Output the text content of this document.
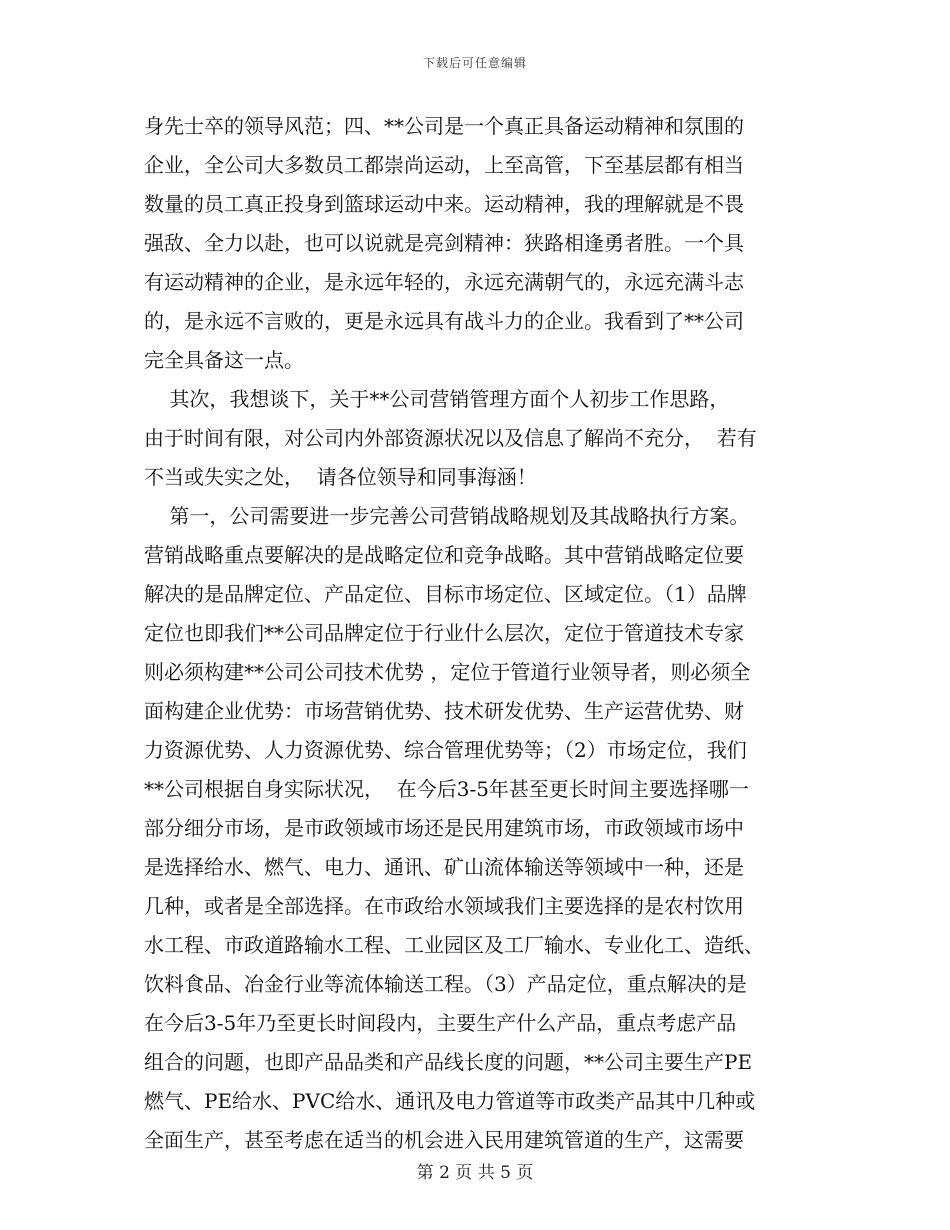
下载后可任意编辑
身先士卒的领导风范；四、**公司是一个真正具备运动精神和氛围的
企业，全公司大多数员工都崇尚运动，上至高管，下至基层都有相当
数量的员工真正投身到篮球运动中来。运动精神，我的理解就是不畏
强敌、全力以赴，也可以说就是亮剑精神：狭路相逢勇者胜。一个具
有运动精神的企业，是永远年轻的，永远充满朝气的，永远充满斗志
的，是永远不言败的，更是永远具有战斗力的企业。我看到了**公司
完全具备这一点。
其次，我想谈下，关于**公司营销管理方面个人初步工作思路，
由于时间有限，对公司内外部资源状况以及信息了解尚不充分，  若有
不当或失实之处，  请各位领导和同事海涵！
第一，公司需要进一步完善公司营销战略规划及其战略执行方案。
营销战略重点要解决的是战略定位和竞争战略。其中营销战略定位要
解决的是品牌定位、产品定位、目标市场定位、区域定位。（1）品牌
定位也即我们**公司品牌定位于行业什么层次，定位于管道技术专家
则必须构建**公司公司技术优势 ，定位于管道行业领导者，则必须全
面构建企业优势：市场营销优势、技术研发优势、生产运营优势、财
力资源优势、人力资源优势、综合管理优势等；（2）市场定位，我们
**公司根据自身实际状况，  在今后3-5年甚至更长时间主要选择哪一
部分细分市场，是市政领域市场还是民用建筑市场，市政领域市场中
是选择给水、燃气、电力、通讯、矿山流体输送等领域中一种，还是
几种，或者是全部选择。在市政给水领域我们主要选择的是农村饮用
水工程、市政道路输水工程、工业园区及工厂输水、专业化工、造纸、
饮料食品、冶金行业等流体输送工程。（3）产品定位，重点解决的是
在今后3-5年乃至更长时间段内，主要生产什么产品，重点考虑产品
组合的问题，也即产品品类和产品线长度的问题，**公司主要生产PE
燃气、PE给水、PVC给水、通讯及电力管道等市政类产品其中几种或
全面生产，甚至考虑在适当的机会进入民用建筑管道的生产，这需要
第 2 页 共 5 页
